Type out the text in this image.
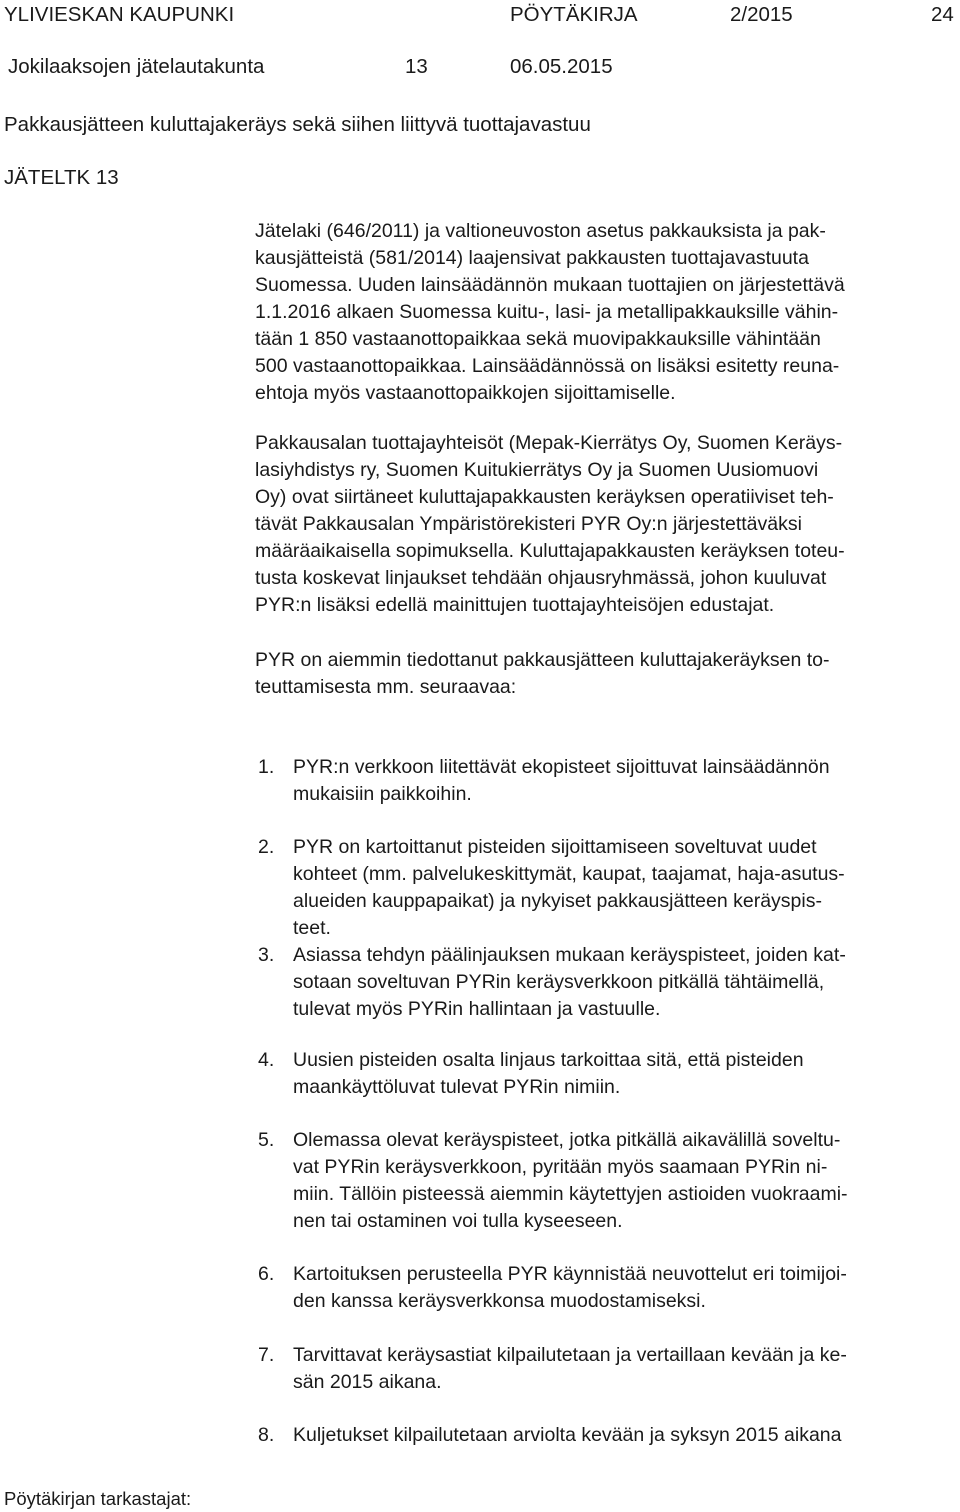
YLIVIESKAN KAUPUNKI	PÖYTÄKIRJA	2/2015	24
Jokilaaksojen jätelautakunta	13	06.05.2015
Pakkausjätteen kuluttajakeräys sekä siihen liittyvä tuottajavastuu
JÄTELTK 13
Jätelaki (646/2011) ja valtioneuvoston asetus pakkauksista ja pak-
kausjätteistä (581/2014) laajensivat pakkausten tuottajavastuuta
Suomessa. Uuden lainsäädännön mukaan tuottajien on järjestettävä
1.1.2016 alkaen Suomessa kuitu-, lasi- ja metallipakkauksille vähin-
tään 1 850 vastaanottopaikkaa sekä muovipakkauksille vähintään
500 vastaanottopaikkaa. Lainsäädännössä on lisäksi esitetty reuna-
ehtoja myös vastaanottopaikkojen sijoittamiselle.
Pakkausalan tuottajayhteisöt (Mepak-Kierrätys Oy, Suomen Keräys-
lasiyhdistys ry, Suomen Kuitukierrätys Oy ja Suomen Uusiomuovi
Oy) ovat siirtäneet kuluttajapakkausten keräyksen operatiiviset teh-
tävät Pakkausalan Ympäristörekisteri PYR Oy:n järjestettäväksi
määräaikaisella sopimuksella. Kuluttajapakkausten keräyksen toteu-
tusta koskevat linjaukset tehdään ohjausryhmässä, johon kuuluvat
PYR:n lisäksi edellä mainittujen tuottajayhteisöjen edustajat.
PYR on aiemmin tiedottanut pakkausjätteen kuluttajakeräyksen to-
teuttamisesta mm. seuraavaa:
1. PYR:n verkkoon liitettävät ekopisteet sijoittuvat lainsäädännön
mukaisiin paikkoihin.
2. PYR on kartoittanut pisteiden sijoittamiseen soveltuvat uudet
kohteet (mm. palvelukeskittymät, kaupat, taajamat, haja-asutus-
alueiden kauppapaikat) ja nykyiset pakkausjätteen keräyspis-
teet.
3. Asiassa tehdyn päälinjauksen mukaan keräyspisteet, joiden kat-
sotaan soveltuvan PYRin keräysverkkoon pitkällä tähtäimellä,
tulevat myös PYRin hallintaan ja vastuulle.
4. Uusien pisteiden osalta linjaus tarkoittaa sitä, että pisteiden
maankäyttöluvat tulevat PYRin nimiin.
5. Olemassa olevat keräyspisteet, jotka pitkällä aikavälillä soveltu-
vat PYRin keräysverkkoon, pyritään myös saamaan PYRin ni-
miin. Tällöin pisteessä aiemmin käytettyjen astioiden vuokraami-
nen tai ostaminen voi tulla kyseeseen.
6. Kartoituksen perusteella PYR käynnistää neuvottelut eri toimijoi-
den kanssa keräysverkkonsa muodostamiseksi.
7. Tarvittavat keräysastiat kilpailutetaan ja vertaillaan kevään ja ke-
sän 2015 aikana.
8. Kuljetukset kilpailutetaan arviolta kevään ja syksyn 2015 aikana
Pöytäkirjan tarkastajat:
